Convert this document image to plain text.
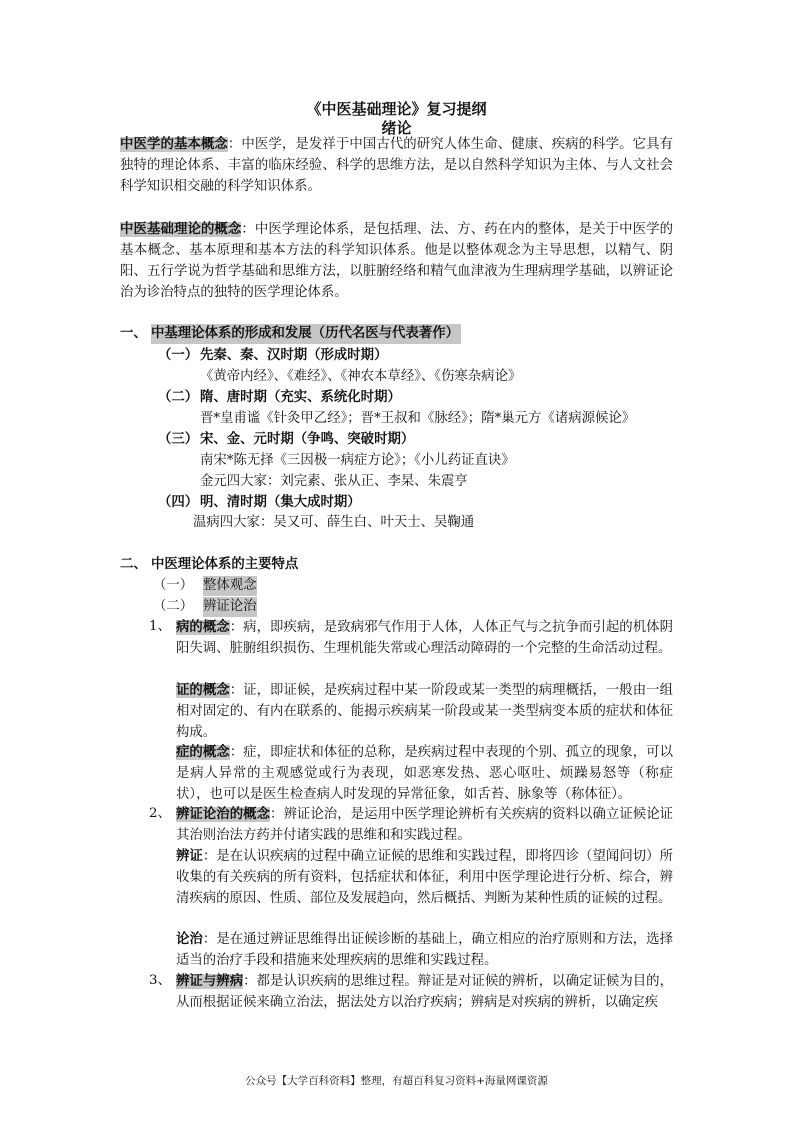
《中医基础理论》复习提纲
绪论
中医学的基本概念：中医学，是发祥于中国古代的研究人体生命、健康、疾病的科学。它具有独特的理论体系、丰富的临床经验、科学的思维方法，是以自然科学知识为主体、与人文社会科学知识相交融的科学知识体系。
中医基础理论的概念：中医学理论体系，是包括理、法、方、药在内的整体，是关于中医学的基本概念、基本原理和基本方法的科学知识体系。他是以整体观念为主导思想，以精气、阴阳、五行学说为哲学基础和思维方法，以脏腑经络和精气血津液为生理病理学基础，以辨证论治为诊治特点的独特的医学理论体系。
一、 中基理论体系的形成和发展（历代名医与代表著作）
（一） 先秦、秦、汉时期（形成时期）
《黄帝内经》、《难经》、《神农本草经》、《伤寒杂病论》
（二） 隋、唐时期（充实、系统化时期）
晋*皇甫谧《针灸甲乙经》；晋*王叔和《脉经》；隋*巢元方《诸病源候论》
（三） 宋、金、元时期（争鸣、突破时期）
南宋*陈无择《三因极一病症方论》；《小儿药证直诀》
金元四大家：刘完素、张从正、李杲、朱震亨
（四） 明、清时期（集大成时期）
温病四大家：吴又可、薛生白、叶天士、吴鞠通
二、 中医理论体系的主要特点
（一） 整体观念
（二） 辨证论治
1、 病的概念：病，即疾病，是致病邪气作用于人体，人体正气与之抗争而引起的机体阴阳失调、脏腑组织损伤、生理机能失常或心理活动障碍的一个完整的生命活动过程。
证的概念：证，即证候，是疾病过程中某一阶段或某一类型的病理概括，一般由一组相对固定的、有内在联系的、能揭示疾病某一阶段或某一类型病变本质的症状和体征构成。
症的概念：症，即症状和体征的总称，是疾病过程中表现的个别、孤立的现象，可以是病人异常的主观感觉或行为表现，如恶寒发热、恶心呕吐、烦躁易怒等（称症状），也可以是医生检查病人时发现的异常征象，如舌苔、脉象等（称体征）。
2、 辨证论治的概念：辨证论治，是运用中医学理论辨析有关疾病的资料以确立证候论证其治则治法方药并付诸实践的思维和和实践过程。
辨证：是在认识疾病的过程中确立证候的思维和实践过程，即将四诊（望闻问切）所收集的有关疾病的所有资料，包括症状和体征，利用中医学理论进行分析、综合，辨清疾病的原因、性质、部位及发展趋向，然后概括、判断为某种性质的证候的过程。
论治：是在通过辨证思维得出证候诊断的基础上，确立相应的治疗原则和方法，选择适当的治疗手段和措施来处理疾病的思维和实践过程。
3、 辨证与辨病：都是认识疾病的思维过程。辩证是对证候的辨析，以确定证候为目的，从而根据证候来确立治法，据法处方以治疗疾病；辨病是对疾病的辨析，以确定疾
公众号【大学百科资料】整理，有超百科复习资料+海量网课资源
